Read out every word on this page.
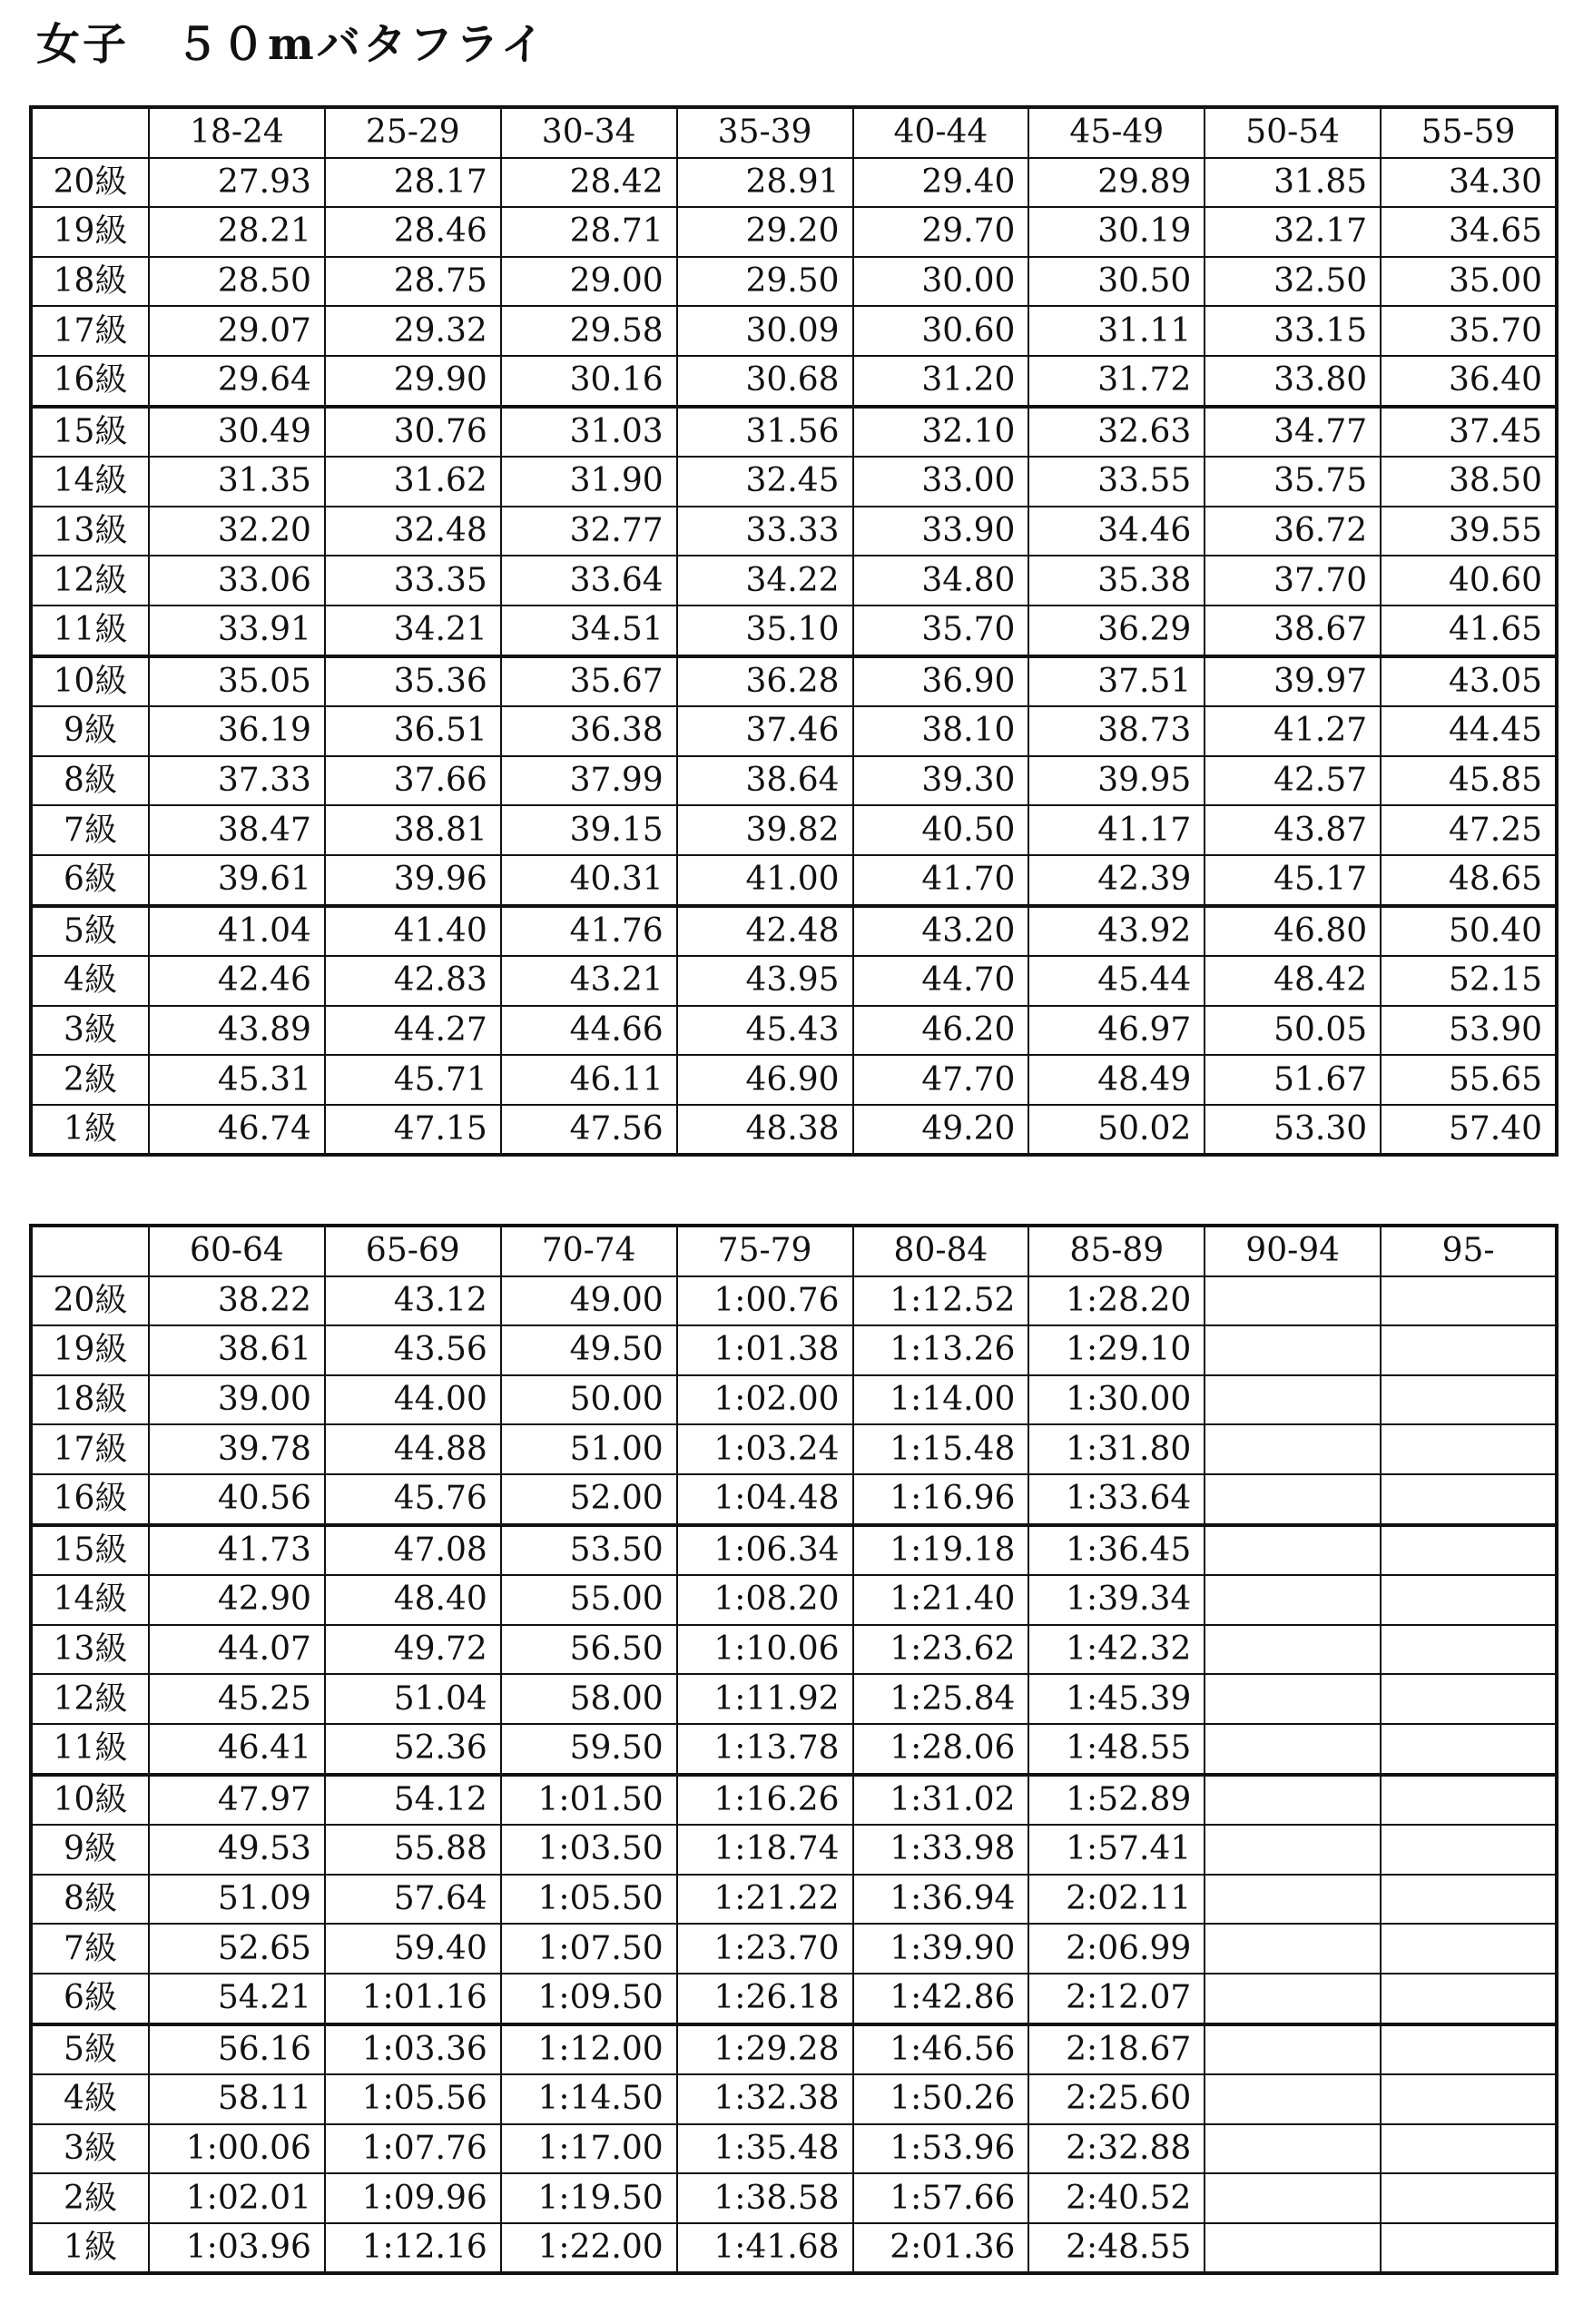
女子　５０mバタフライ
	18-24	25-29	30-34	35-39	40-44	45-49	50-54	55-59
20級	27.93	28.17	28.42	28.91	29.40	29.89	31.85	34.30
19級	28.21	28.46	28.71	29.20	29.70	30.19	32.17	34.65
18級	28.50	28.75	29.00	29.50	30.00	30.50	32.50	35.00
17級	29.07	29.32	29.58	30.09	30.60	31.11	33.15	35.70
16級	29.64	29.90	30.16	30.68	31.20	31.72	33.80	36.40
15級	30.49	30.76	31.03	31.56	32.10	32.63	34.77	37.45
14級	31.35	31.62	31.90	32.45	33.00	33.55	35.75	38.50
13級	32.20	32.48	32.77	33.33	33.90	34.46	36.72	39.55
12級	33.06	33.35	33.64	34.22	34.80	35.38	37.70	40.60
11級	33.91	34.21	34.51	35.10	35.70	36.29	38.67	41.65
10級	35.05	35.36	35.67	36.28	36.90	37.51	39.97	43.05
9級	36.19	36.51	36.38	37.46	38.10	38.73	41.27	44.45
8級	37.33	37.66	37.99	38.64	39.30	39.95	42.57	45.85
7級	38.47	38.81	39.15	39.82	40.50	41.17	43.87	47.25
6級	39.61	39.96	40.31	41.00	41.70	42.39	45.17	48.65
5級	41.04	41.40	41.76	42.48	43.20	43.92	46.80	50.40
4級	42.46	42.83	43.21	43.95	44.70	45.44	48.42	52.15
3級	43.89	44.27	44.66	45.43	46.20	46.97	50.05	53.90
2級	45.31	45.71	46.11	46.90	47.70	48.49	51.67	55.65
1級	46.74	47.15	47.56	48.38	49.20	50.02	53.30	57.40
	60-64	65-69	70-74	75-79	80-84	85-89	90-94	95-
20級	38.22	43.12	49.00	1:00.76	1:12.52	1:28.20		
19級	38.61	43.56	49.50	1:01.38	1:13.26	1:29.10		
18級	39.00	44.00	50.00	1:02.00	1:14.00	1:30.00		
17級	39.78	44.88	51.00	1:03.24	1:15.48	1:31.80		
16級	40.56	45.76	52.00	1:04.48	1:16.96	1:33.64		
15級	41.73	47.08	53.50	1:06.34	1:19.18	1:36.45		
14級	42.90	48.40	55.00	1:08.20	1:21.40	1:39.34		
13級	44.07	49.72	56.50	1:10.06	1:23.62	1:42.32		
12級	45.25	51.04	58.00	1:11.92	1:25.84	1:45.39		
11級	46.41	52.36	59.50	1:13.78	1:28.06	1:48.55		
10級	47.97	54.12	1:01.50	1:16.26	1:31.02	1:52.89		
9級	49.53	55.88	1:03.50	1:18.74	1:33.98	1:57.41		
8級	51.09	57.64	1:05.50	1:21.22	1:36.94	2:02.11		
7級	52.65	59.40	1:07.50	1:23.70	1:39.90	2:06.99		
6級	54.21	1:01.16	1:09.50	1:26.18	1:42.86	2:12.07		
5級	56.16	1:03.36	1:12.00	1:29.28	1:46.56	2:18.67		
4級	58.11	1:05.56	1:14.50	1:32.38	1:50.26	2:25.60		
3級	1:00.06	1:07.76	1:17.00	1:35.48	1:53.96	2:32.88		
2級	1:02.01	1:09.96	1:19.50	1:38.58	1:57.66	2:40.52		
1級	1:03.96	1:12.16	1:22.00	1:41.68	2:01.36	2:48.55		
